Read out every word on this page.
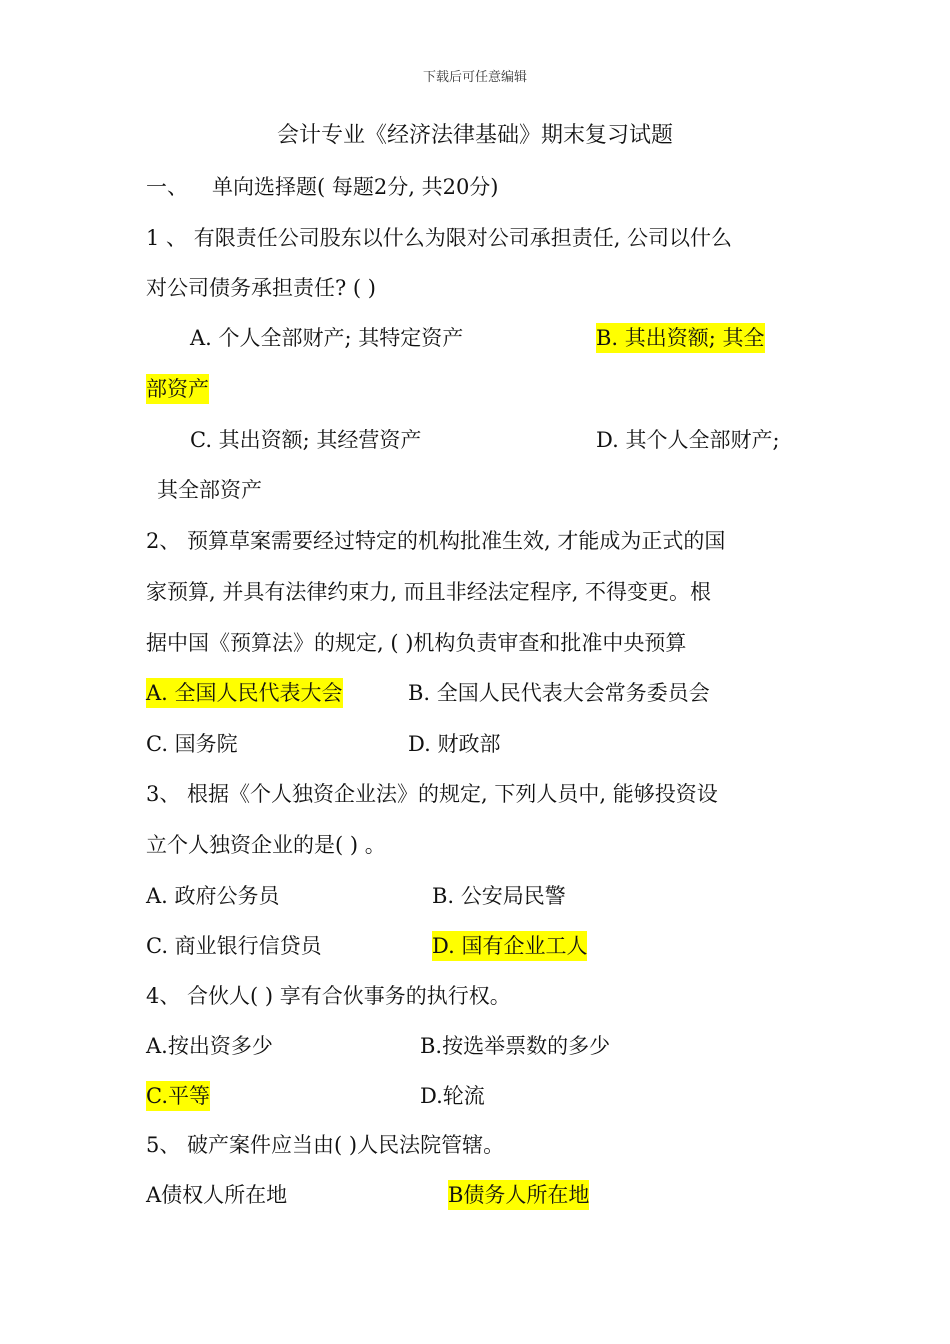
下载后可任意编辑
会计专业《经济法律基础》期末复习试题
一、 单向选择题( 每题2分, 共20分)
1 、 有限责任公司股东以什么为限对公司承担责任, 公司以什么
对公司债务承担责任? ( )
A. 个人全部财产; 其特定资产	B. 其出资额; 其全
部资产
C. 其出资额; 其经营资产	D. 其个人全部财产;
其全部资产
2、 预算草案需要经过特定的机构批准生效, 才能成为正式的国
家预算, 并具有法律约束力, 而且非经法定程序, 不得变更。根
据中国《预算法》的规定, ( )机构负责审查和批准中央预算
A. 全国人民代表大会	B. 全国人民代表大会常务委员会
C. 国务院	D. 财政部
3、 根据《个人独资企业法》的规定, 下列人员中, 能够投资设
立个人独资企业的是( ) 。
A. 政府公务员	B. 公安局民警
C. 商业银行信贷员	D. 国有企业工人
4、 合伙人( ) 享有合伙事务的执行权。
A.按出资多少	B.按选举票数的多少
C.平等	D.轮流
5、 破产案件应当由( )人民法院管辖。
A债权人所在地	B债务人所在地
